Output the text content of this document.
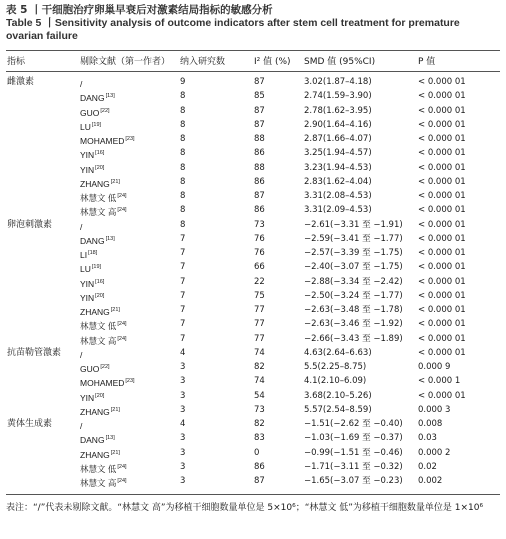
表 5 丨干细胞治疗卵巢早衰后对激素结局指标的敏感分析
Table 5 丨Sensitivity analysis of outcome indicators after stem cell treatment for premature ovarian failure
指标	剔除文献（第一作者） 纳入研究数	I² 值 (%) SMD 值 (95%CI)	P 值
雌激素	/	9	87	3.02(1.87–4.18)	< 0.000 01
DANG[13]	8	85	2.74(1.59–3.90)	< 0.000 01
GUO[22]	8	87	2.78(1.62–3.95)	< 0.000 01
LU[19]	8	87	2.90(1.64–4.16)	< 0.000 01
MOHAMED[23]	8	88	2.87(1.66–4.07)	< 0.000 01
YIN[16]	8	86	3.25(1.94–4.57)	< 0.000 01
YIN[20]	8	88	3.23(1.94–4.53)	< 0.000 01
ZHANG[21]	8	86	2.83(1.62–4.04)	< 0.000 01
林慧文 低[24]	8	87	3.31(2.08–4.53)	< 0.000 01
林慧文 高[24]	8	86	3.31(2.09–4.53)	< 0.000 01
卵泡刺激素	/	8	73	−2.61(−3.31 至 −1.91) < 0.000 01
DANG[13]	7	76	−2.59(−3.41 至 −1.77) < 0.000 01
LI[18]	7	76	−2.57(−3.39 至 −1.75) < 0.000 01
LU[19]	7	66	−2.40(−3.07 至 −1.75) < 0.000 01
YIN[16]	7	22	−2.88(−3.34 至 −2.42) < 0.000 01
YIN[20]	7	75	−2.50(−3.24 至 −1.77) < 0.000 01
ZHANG[21]	7	77	−2.63(−3.48 至 −1.78) < 0.000 01
林慧文 低[24]	7	77	−2.63(−3.46 至 −1.92) < 0.000 01
林慧文 高[24]	7	77	−2.66(−3.43 至 −1.89) < 0.000 01
抗苗勒管激素 /	4	74	4.63(2.64–6.63)	< 0.000 01
GUO[22]	3	82	5.5(2.25–8.75)	0.000 9
MOHAMED[23]	3	74	4.1(2.10–6.09)	< 0.000 1
YIN[20]	3	54	3.68(2.10–5.26)	< 0.000 01
ZHANG[21]	3	73	5.57(2.54–8.59)	0.000 3
黄体生成素	/	4	82	−1.51(−2.62 至 −0.40) 0.008
DANG[13]	3	83	−1.03(−1.69 至 −0.37) 0.03
ZHANG[21]	3	0	−0.99(−1.51 至 −0.46) 0.000 2
林慧文 低[24]	3	86	−1.71(−3.11 至 −0.32) 0.02
林慧文 高[24]	3	87	−1.65(−3.07 至 −0.23) 0.002
表注：“/”代表未剔除文献。“林慧文 高”为移植干细胞数量单位是 5×10⁶；“林慧文 低”为移植干细胞数量单位是 1×10⁶
